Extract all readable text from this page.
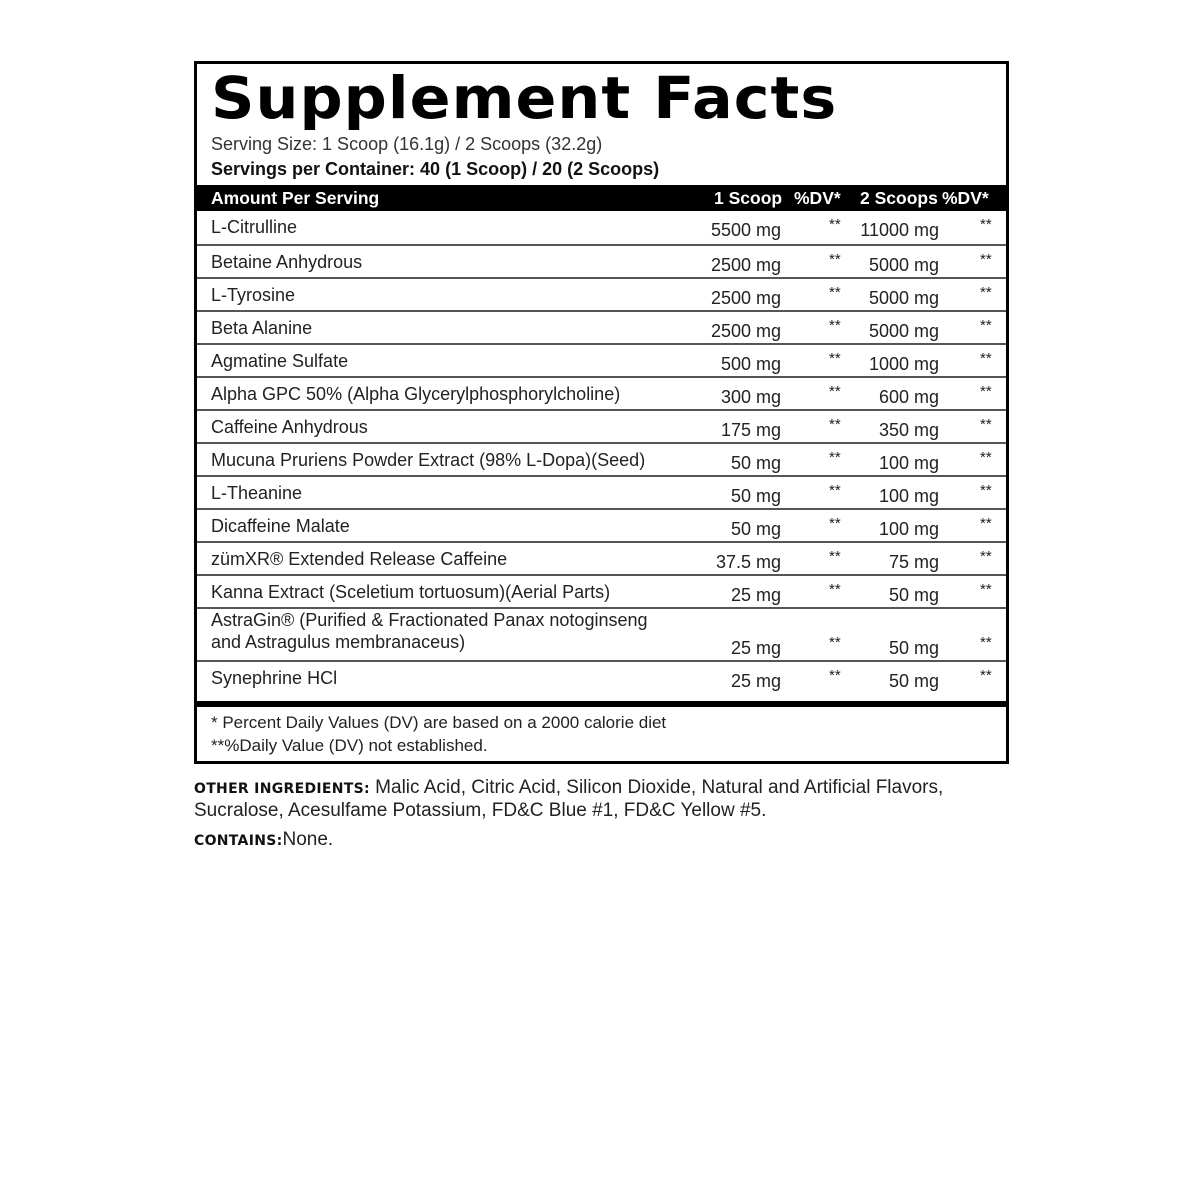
Supplement Facts
Serving Size: 1 Scoop (16.1g) / 2 Scoops (32.2g)
Servings per Container: 40 (1 Scoop) / 20 (2 Scoops)
Amount Per Serving	1 Scoop %DV* 2 Scoops %DV*
L-Citrulline	5500 mg	** 11000 mg	**
Betaine Anhydrous	2500 mg	** 5000 mg	**
L-Tyrosine	2500 mg	** 5000 mg	**
Beta Alanine	2500 mg	** 5000 mg	**
Agmatine Sulfate	500 mg	** 1000 mg	**
Alpha GPC 50% (Alpha Glycerylphosphorylcholine)	300 mg	** 600 mg	**
Caffeine Anhydrous	175 mg	** 350 mg	**
Mucuna Pruriens Powder Extract (98% L-Dopa)(Seed)	50 mg	** 100 mg	**
L-Theanine	50 mg	** 100 mg	**
Dicaffeine Malate	50 mg	** 100 mg	**
zümXR® Extended Release Caffeine	37.5 mg	**	75 mg	**
Kanna Extract (Sceletium tortuosum)(Aerial Parts)	25 mg	**	50 mg	**
AstraGin® (Purified & Fractionated Panax notoginseng
and Astragulus membranaceus)	25 mg	**	50 mg	**
Synephrine HCl	25 mg	**	50 mg	**
* Percent Daily Values (DV) are based on a 2000 calorie diet
**%Daily Value (DV) not established.
OTHER INGREDIENTS: Malic Acid, Citric Acid, Silicon Dioxide, Natural and Artificial Flavors, Sucralose, Acesulfame Potassium, FD&C Blue #1, FD&C Yellow #5.
CONTAINS:None.
